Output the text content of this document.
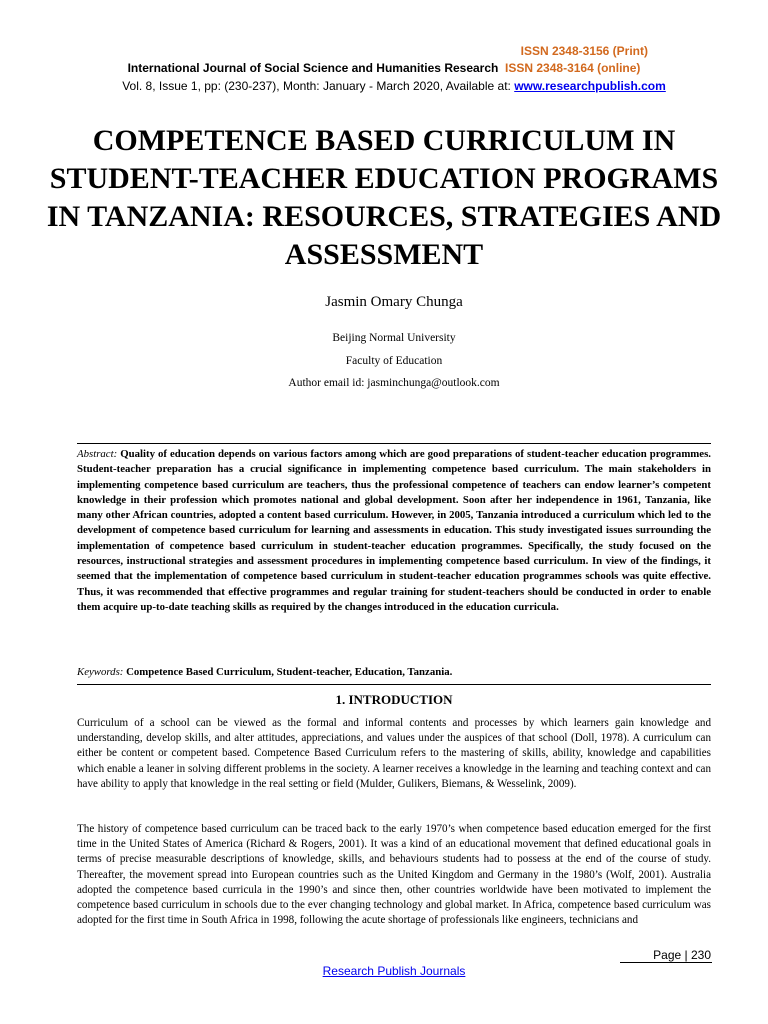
ISSN 2348-3156 (Print)
International Journal of Social Science and Humanities Research ISSN 2348-3164 (online)
Vol. 8, Issue 1, pp: (230-237), Month: January - March 2020, Available at: www.researchpublish.com
COMPETENCE BASED CURRICULUM IN STUDENT-TEACHER EDUCATION PROGRAMS IN TANZANIA: RESOURCES, STRATEGIES AND ASSESSMENT
Jasmin Omary Chunga
Beijing Normal University
Faculty of Education
Author email id: jasminchunga@outlook.com
Abstract: Quality of education depends on various factors among which are good preparations of student-teacher education programmes. Student-teacher preparation has a crucial significance in implementing competence based curriculum. The main stakeholders in implementing competence based curriculum are teachers, thus the professional competence of teachers can endow learner’s competent knowledge in their profession which promotes national and global development. Soon after her independence in 1961, Tanzania, like many other African countries, adopted a content based curriculum. However, in 2005, Tanzania introduced a curriculum which led to the development of competence based curriculum for learning and assessments in education. This study investigated issues surrounding the implementation of competence based curriculum in student-teacher education programmes. Specifically, the study focused on the resources, instructional strategies and assessment procedures in implementing competence based curriculum. In view of the findings, it seemed that the implementation of competence based curriculum in student-teacher education programmes schools was quite effective. Thus, it was recommended that effective programmes and regular training for student-teachers should be conducted in order to enable them acquire up-to-date teaching skills as required by the changes introduced in the education curricula.
Keywords: Competence Based Curriculum, Student-teacher, Education, Tanzania.
1. INTRODUCTION
Curriculum of a school can be viewed as the formal and informal contents and processes by which learners gain knowledge and understanding, develop skills, and alter attitudes, appreciations, and values under the auspices of that school (Doll, 1978). A curriculum can either be content or competent based. Competence Based Curriculum refers to the mastering of skills, ability, knowledge and capabilities which enable a leaner in solving different problems in the society. A learner receives a knowledge in the learning and teaching context and can have ability to apply that knowledge in the real setting or field (Mulder, Gulikers, Biemans, & Wesselink, 2009).
The history of competence based curriculum can be traced back to the early 1970’s when competence based education emerged for the first time in the United States of America (Richard & Rogers, 2001). It was a kind of an educational movement that defined educational goals in terms of precise measurable descriptions of knowledge, skills, and behaviours students had to possess at the end of the course of study. Thereafter, the movement spread into European countries such as the United Kingdom and Germany in the 1980’s (Wolf, 2001). Australia adopted the competence based curricula in the 1990’s and since then, other countries worldwide have been motivated to implement the competence based curriculum in schools due to the ever changing technology and global market. In Africa, competence based curriculum was adopted for the first time in South Africa in 1998, following the acute shortage of professionals like engineers, technicians and
Page | 230
Research Publish Journals
